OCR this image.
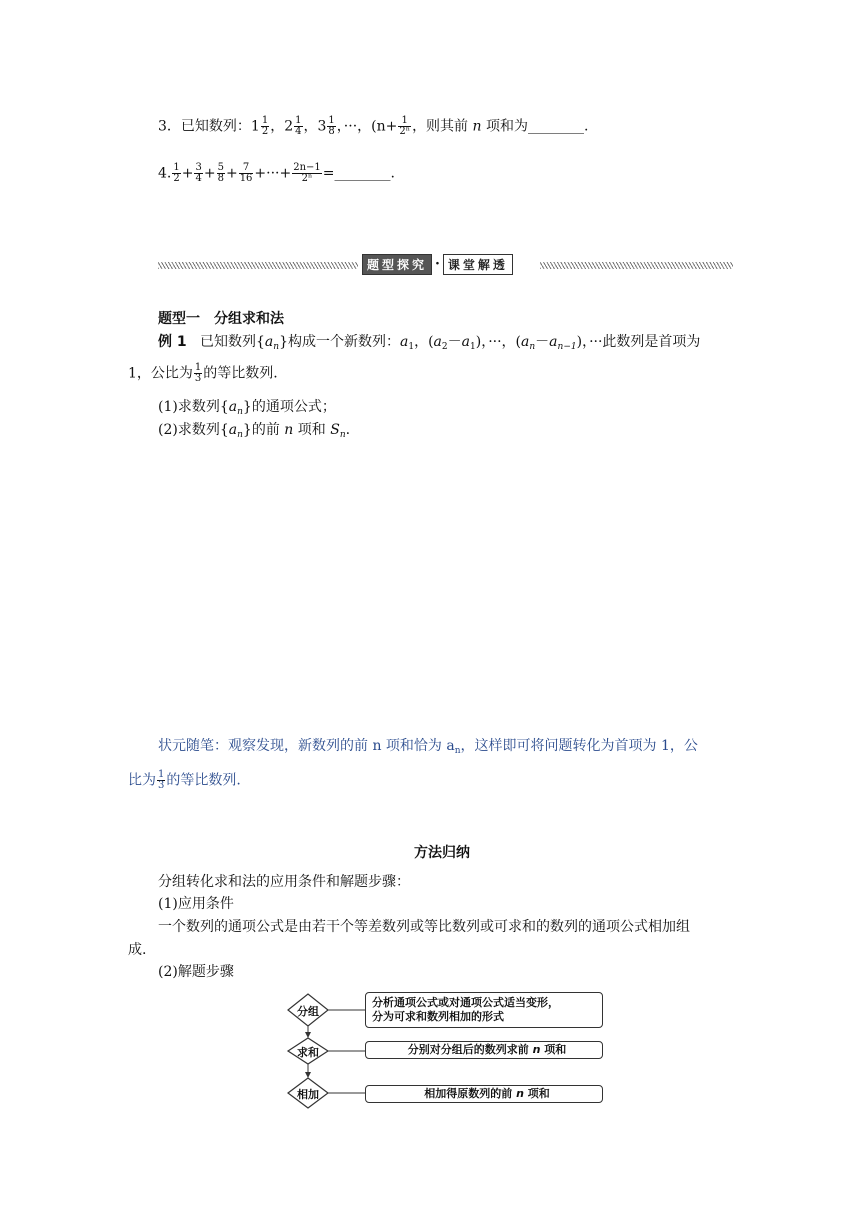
3．已知数列：$1 \frac{1}{2}$ ，$2 \frac{1}{4}$ ，$3 \frac{1}{8}$ ，···，($n+ \frac{1}{\text{2ⁿ}}$ ，则其前 n 项和为________.
4. $\frac{1}{2} + \frac{3}{4} + \frac{5}{8} + \frac{7}{16}$ +···+ $\frac{2n-1}{\text{2ⁿ}}$ =________.
题型探究 · 课堂解透
题型一　分组求和法
例 1 已知数列$\{a_n\}$构成一个新数列：$a_1$，$(a_2-a_1)$，···，$(a_n-a_{n-1})$，···此数列是首项为
1，公比为 $\frac{1}{3}$ 的等比数列.
(1)求数列$\{a_n\}$的通项公式；
(2)求数列$\{a_n\}$的前 n 项和 $S_n$.
状元随笔：观察发现，新数列的前 n 项和恰为 $a_n$，这样即可将问题转化为首项为 1，公
比为 $\frac{1}{3}$ 的等比数列.
方法归纳
分组转化求和法的应用条件和解题步骤：
(1)应用条件
一个数列的通项公式是由若干个等差数列或等比数列或可求和的数列的通项公式相加组
成.
(2)解题步骤
分组
求和
相加
分析通项公式或对通项公式适当变形，
分为可求和数列相加的形式
分别对分组后的数列求前
n
项和
相加得原数列的前
n
项和
